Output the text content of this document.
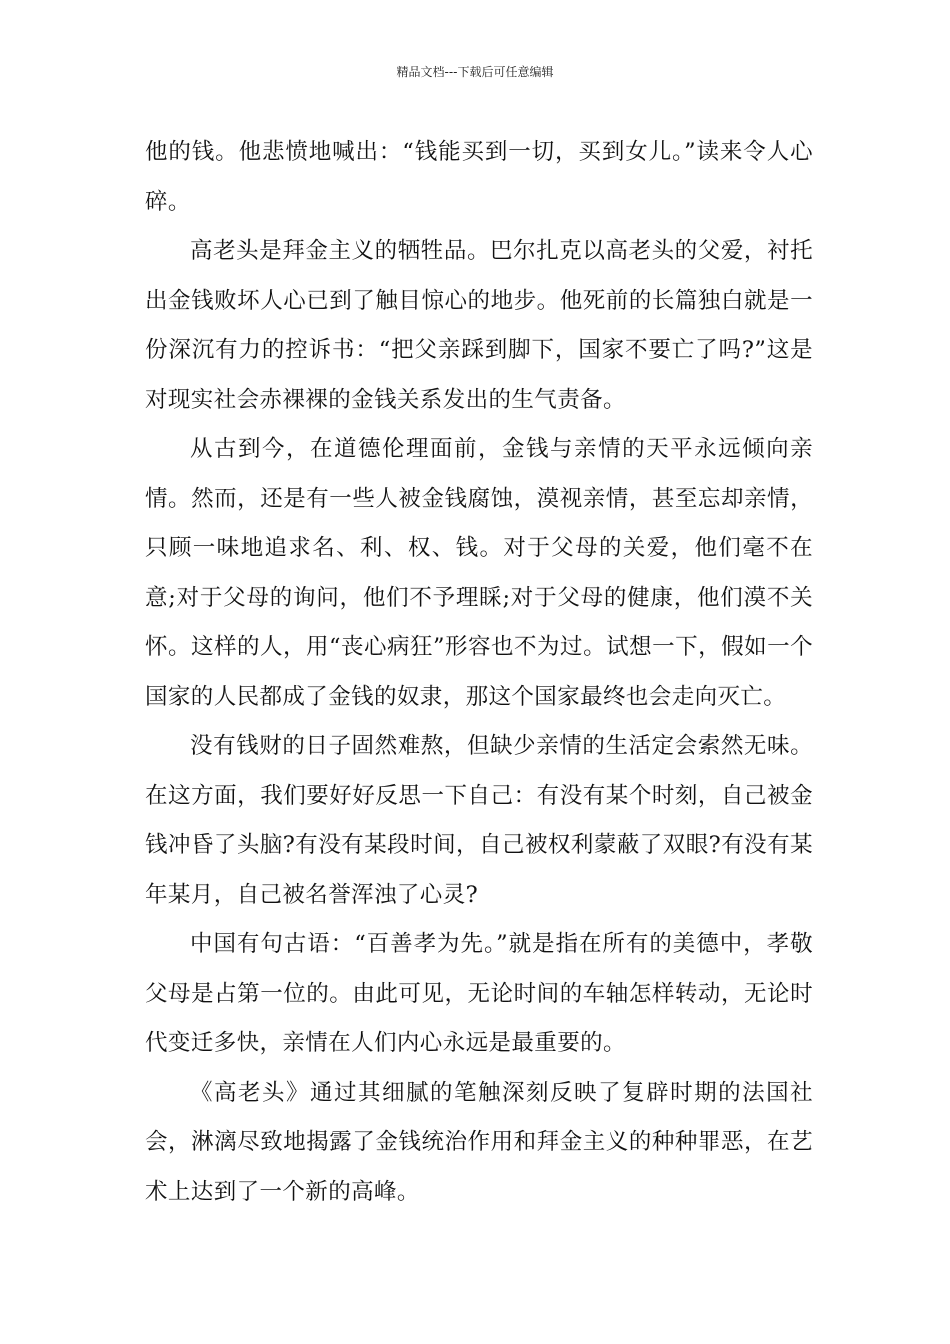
精品文档---下载后可任意编辑

他的钱。他悲愤地喊出：“钱能买到一切，买到女儿。”读来令人心碎。

高老头是拜金主义的牺牲品。巴尔扎克以高老头的父爱，衬托出金钱败坏人心已到了触目惊心的地步。他死前的长篇独白就是一份深沉有力的控诉书：“把父亲踩到脚下，国家不要亡了吗?”这是对现实社会赤裸裸的金钱关系发出的生气责备。

从古到今，在道德伦理面前，金钱与亲情的天平永远倾向亲情。然而，还是有一些人被金钱腐蚀，漠视亲情，甚至忘却亲情，只顾一味地追求名、利、权、钱。对于父母的关爱，他们毫不在意;对于父母的询问，他们不予理睬;对于父母的健康，他们漠不关怀。这样的人，用“丧心病狂”形容也不为过。试想一下，假如一个国家的人民都成了金钱的奴隶，那这个国家最终也会走向灭亡。

没有钱财的日子固然难熬，但缺少亲情的生活定会索然无味。在这方面，我们要好好反思一下自己：有没有某个时刻，自己被金钱冲昏了头脑?有没有某段时间，自己被权利蒙蔽了双眼?有没有某年某月，自己被名誉浑浊了心灵?

中国有句古语：“百善孝为先。”就是指在所有的美德中，孝敬父母是占第一位的。由此可见，无论时间的车轴怎样转动，无论时代变迁多快，亲情在人们内心永远是最重要的。

《高老头》通过其细腻的笔触深刻反映了复辟时期的法国社会，淋漓尽致地揭露了金钱统治作用和拜金主义的种种罪恶，在艺术上达到了一个新的高峰。
